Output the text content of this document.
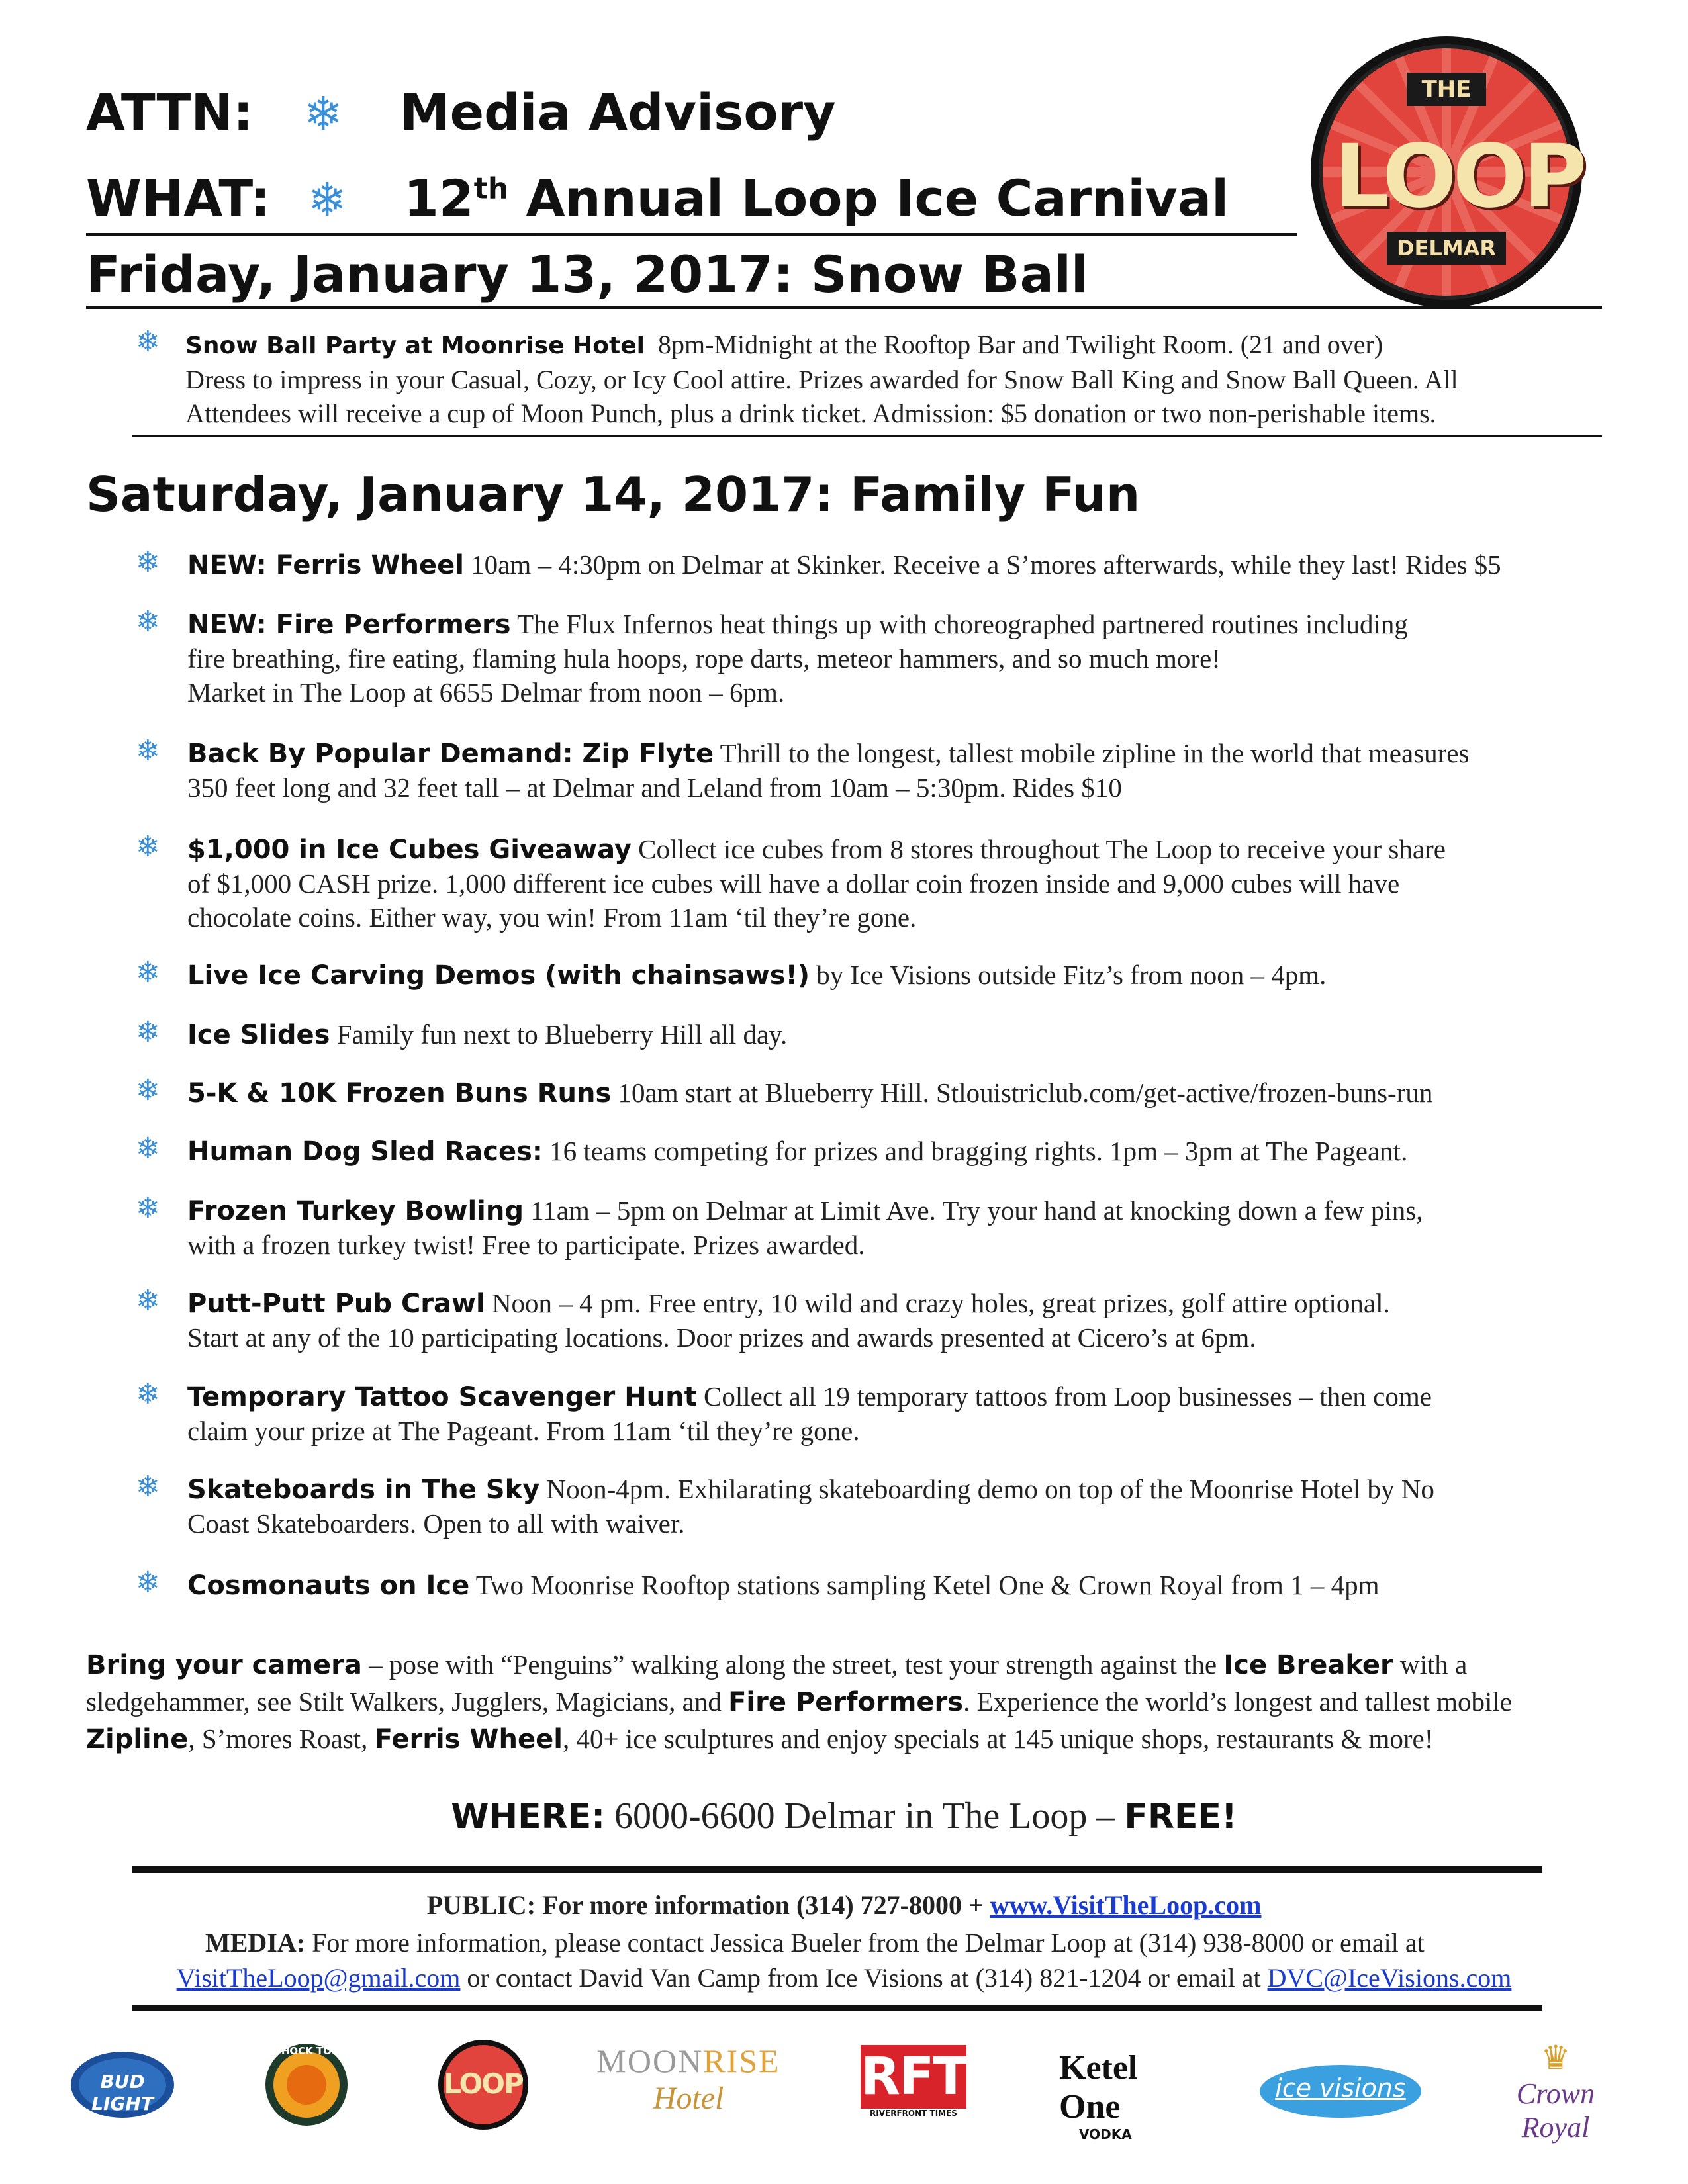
ATTN: ❄ Media Advisory
WHAT: ❄ 12th Annual Loop Ice Carnival
Friday, January 13, 2017: Snow Ball
THE
LOOP
DELMAR
❄ Snow Ball Party at Moonrise Hotel 8pm-Midnight at the Rooftop Bar and Twilight Room. (21 and over)
Dress to impress in your Casual, Cozy, or Icy Cool attire. Prizes awarded for Snow Ball King and Snow Ball Queen. All
Attendees will receive a cup of Moon Punch, plus a drink ticket. Admission: $5 donation or two non-perishable items.
Saturday, January 14, 2017: Family Fun
❄ NEW: Ferris Wheel 10am – 4:30pm on Delmar at Skinker. Receive a S’mores afterwards, while they last! Rides $5
❄ NEW: Fire Performers The Flux Infernos heat things up with choreographed partnered routines including
fire breathing, fire eating, flaming hula hoops, rope darts, meteor hammers, and so much more!
Market in The Loop at 6655 Delmar from noon – 6pm.
❄ Back By Popular Demand: Zip Flyte Thrill to the longest, tallest mobile zipline in the world that measures
350 feet long and 32 feet tall – at Delmar and Leland from 10am – 5:30pm. Rides $10
❄ $1,000 in Ice Cubes Giveaway Collect ice cubes from 8 stores throughout The Loop to receive your share
of $1,000 CASH prize. 1,000 different ice cubes will have a dollar coin frozen inside and 9,000 cubes will have
chocolate coins. Either way, you win! From 11am ‘til they’re gone.
❄ Live Ice Carving Demos (with chainsaws!) by Ice Visions outside Fitz’s from noon – 4pm.
❄ Ice Slides Family fun next to Blueberry Hill all day.
❄ 5-K & 10K Frozen Buns Runs 10am start at Blueberry Hill. Stlouistriclub.com/get-active/frozen-buns-run
❄ Human Dog Sled Races: 16 teams competing for prizes and bragging rights. 1pm – 3pm at The Pageant.
❄ Frozen Turkey Bowling 11am – 5pm on Delmar at Limit Ave. Try your hand at knocking down a few pins,
with a frozen turkey twist! Free to participate. Prizes awarded.
❄ Putt-Putt Pub Crawl Noon – 4 pm. Free entry, 10 wild and crazy holes, great prizes, golf attire optional.
Start at any of the 10 participating locations. Door prizes and awards presented at Cicero’s at 6pm.
❄ Temporary Tattoo Scavenger Hunt Collect all 19 temporary tattoos from Loop businesses – then come
claim your prize at The Pageant. From 11am ‘til they’re gone.
❄ Skateboards in The Sky Noon-4pm. Exhilarating skateboarding demo on top of the Moonrise Hotel by No
Coast Skateboarders. Open to all with waiver.
❄ Cosmonauts on Ice Two Moonrise Rooftop stations sampling Ketel One & Crown Royal from 1 – 4pm
Bring your camera – pose with “Penguins” walking along the street, test your strength against the Ice Breaker with a
sledgehammer, see Stilt Walkers, Jugglers, Magicians, and Fire Performers. Experience the world’s longest and tallest mobile
Zipline, S’mores Roast, Ferris Wheel, 40+ ice sculptures and enjoy specials at 145 unique shops, restaurants & more!
WHERE: 6000-6600 Delmar in The Loop – FREE!
PUBLIC: For more information (314) 727-8000 + www.VisitTheLoop.com
MEDIA: For more information, please contact Jessica Bueler from the Delmar Loop at (314) 938-8000 or email at
VisitTheLoop@gmail.com or contact David Van Camp from Ice Visions at (314) 821-1204 or email at DVC@IceVisions.com
BUD LIGHT
SHOCK TOP
LOOP
MOONRISE
Hotel	RFT
RIVERFRONT TIMES
Ketel One
VODKA
ice visions
♛
Crown Royal
